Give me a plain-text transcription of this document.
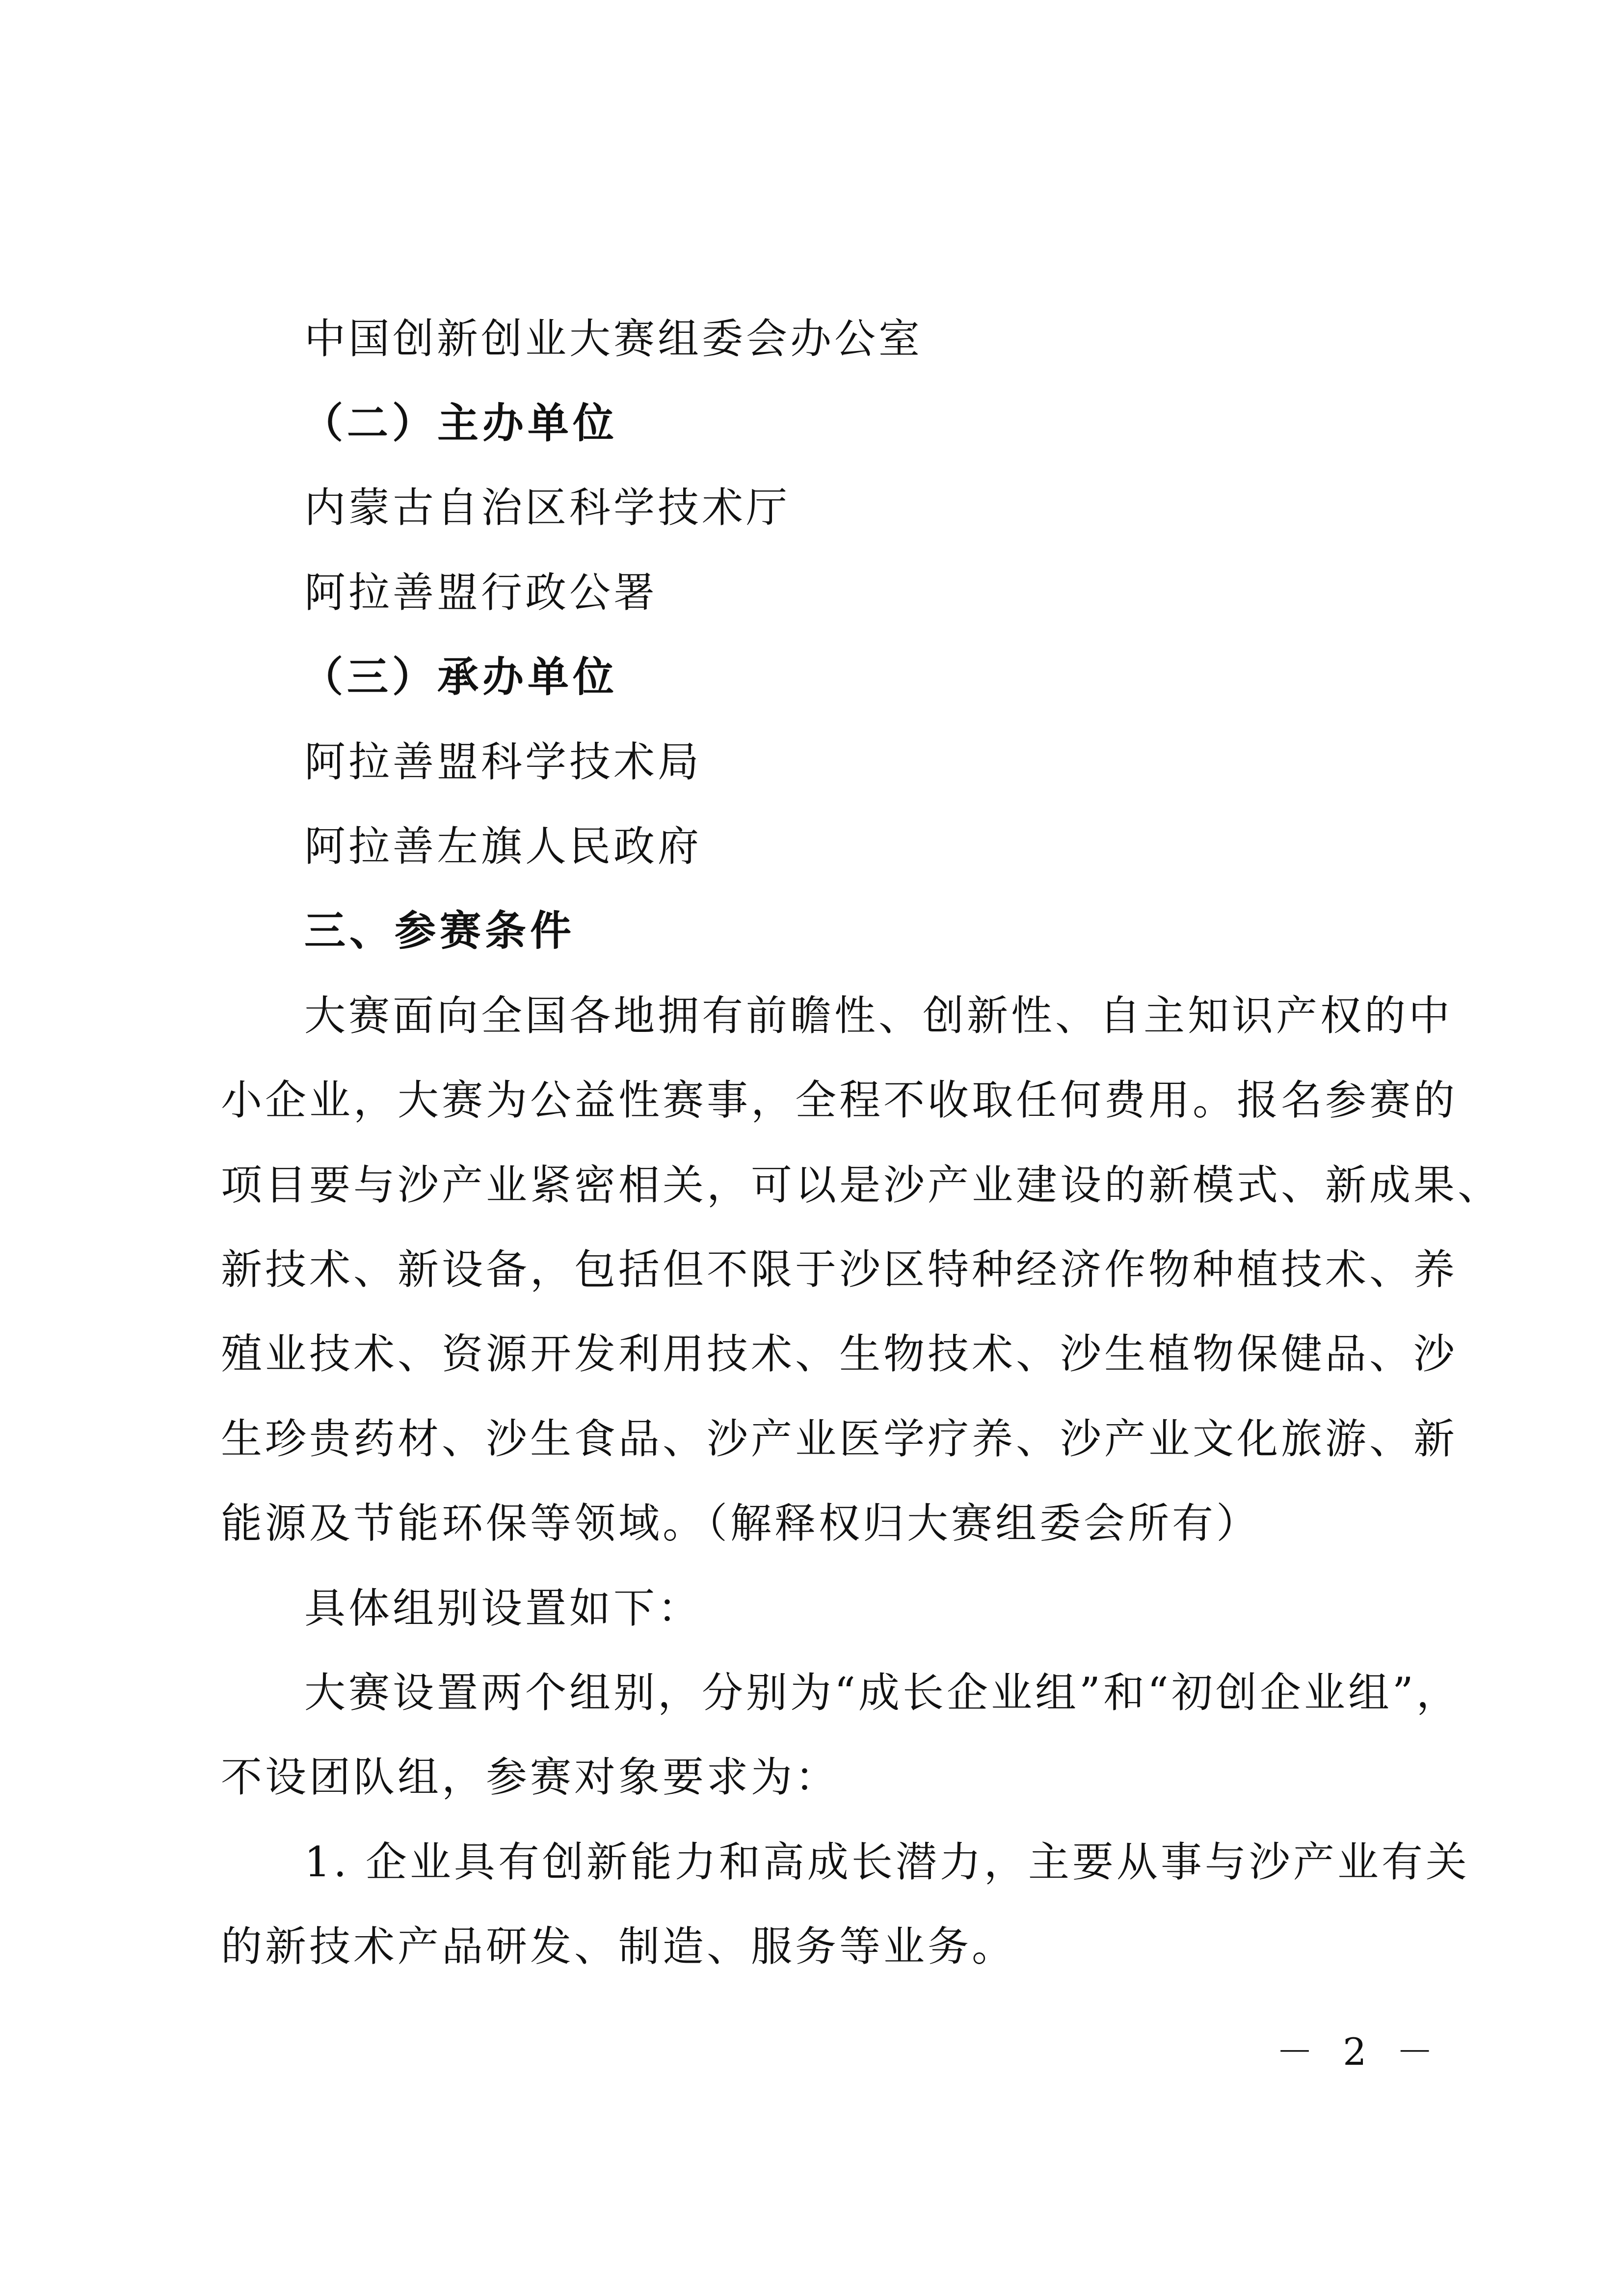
中国创新创业大赛组委会办公室
（二）主办单位
内蒙古自治区科学技术厅
阿拉善盟行政公署
（三）承办单位
阿拉善盟科学技术局
阿拉善左旗人民政府
三、参赛条件
大赛面向全国各地拥有前瞻性、创新性、自主知识产权的中
小企业，大赛为公益性赛事，全程不收取任何费用。报名参赛的
项目要与沙产业紧密相关，可以是沙产业建设的新模式、新成果、
新技术、新设备，包括但不限于沙区特种经济作物种植技术、养
殖业技术、资源开发利用技术、生物技术、沙生植物保健品、沙
生珍贵药材、沙生食品、沙产业医学疗养、沙产业文化旅游、新
能源及节能环保等领域。（解释权归大赛组委会所有）
具体组别设置如下：
大赛设置两个组别，分别为“成长企业组”和“初创企业组”，
不设团队组，参赛对象要求为：
1. 企业具有创新能力和高成长潜力，主要从事与沙产业有关
的新技术产品研发、制造、服务等业务。
－ 2 －
